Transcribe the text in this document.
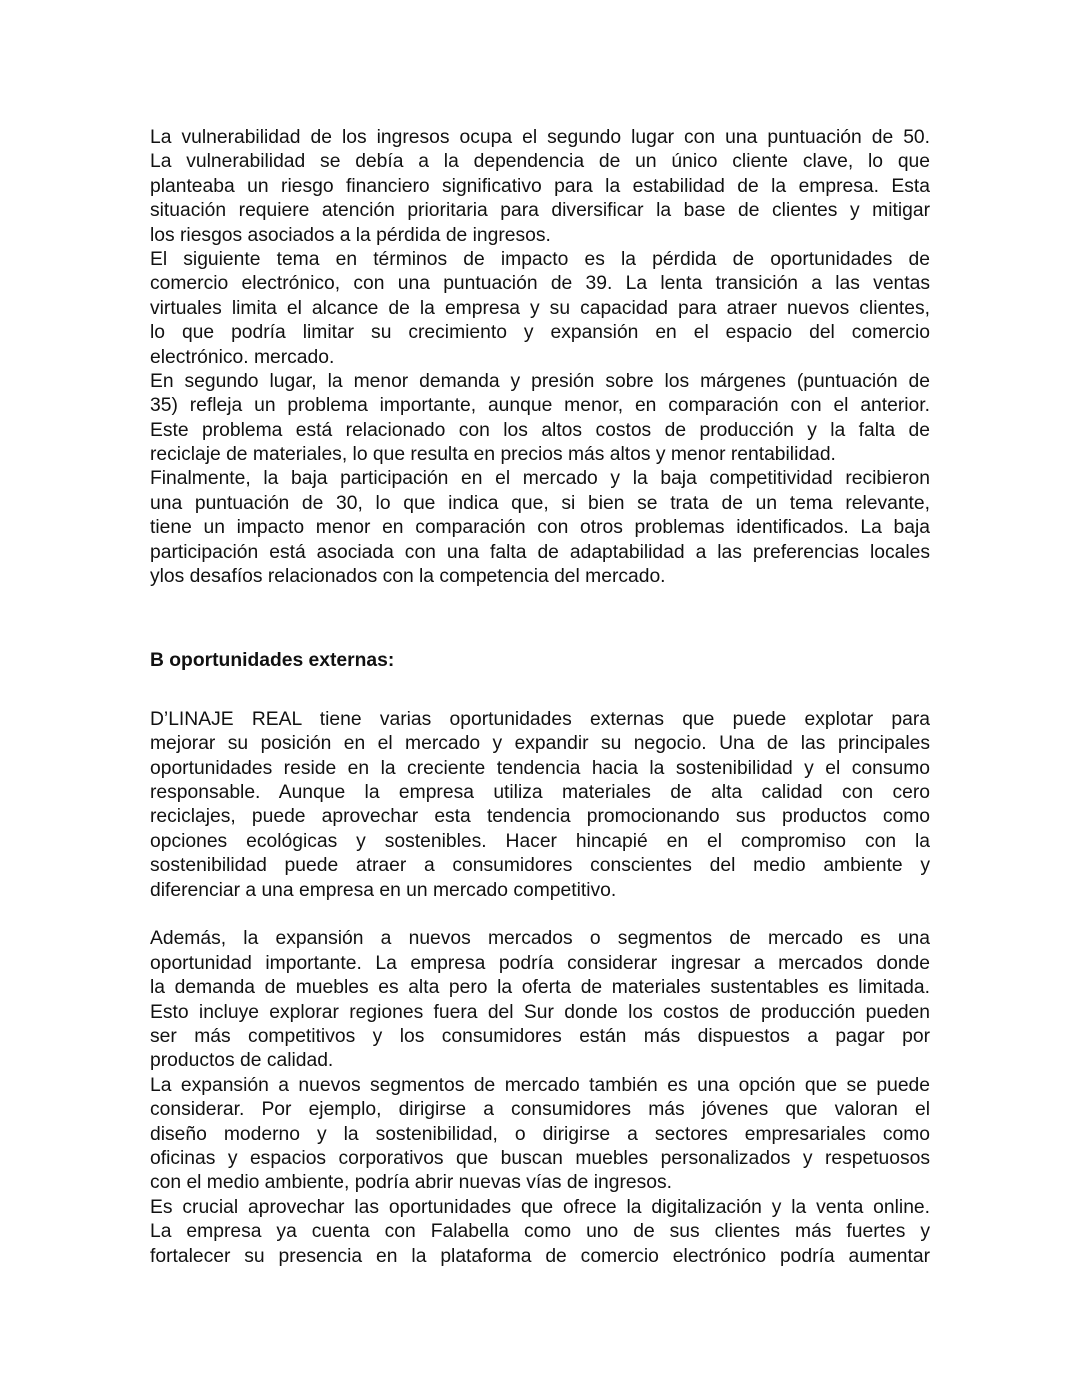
La vulnerabilidad de los ingresos ocupa el segundo lugar con una puntuación de 50.
La vulnerabilidad se debía a la dependencia de un único cliente clave, lo que
planteaba un riesgo financiero significativo para la estabilidad de la empresa. Esta
situación requiere atención prioritaria para diversificar la base de clientes y mitigar
los riesgos asociados a la pérdida de ingresos.
El siguiente tema en términos de impacto es la pérdida de oportunidades de
comercio electrónico, con una puntuación de 39. La lenta transición a las ventas
virtuales limita el alcance de la empresa y su capacidad para atraer nuevos clientes,
lo que podría limitar su crecimiento y expansión en el espacio del comercio
electrónico. mercado.
En segundo lugar, la menor demanda y presión sobre los márgenes (puntuación de
35) refleja un problema importante, aunque menor, en comparación con el anterior.
Este problema está relacionado con los altos costos de producción y la falta de
reciclaje de materiales, lo que resulta en precios más altos y menor rentabilidad.
Finalmente, la baja participación en el mercado y la baja competitividad recibieron
una puntuación de 30, lo que indica que, si bien se trata de un tema relevante,
tiene un impacto menor en comparación con otros problemas identificados. La baja
participación está asociada con una falta de adaptabilidad a las preferencias locales
ylos desafíos relacionados con la competencia del mercado.
B oportunidades externas:
D’LINAJE REAL tiene varias oportunidades externas que puede explotar para
mejorar su posición en el mercado y expandir su negocio. Una de las principales
oportunidades reside en la creciente tendencia hacia la sostenibilidad y el consumo
responsable. Aunque la empresa utiliza materiales de alta calidad con cero
reciclajes, puede aprovechar esta tendencia promocionando sus productos como
opciones ecológicas y sostenibles. Hacer hincapié en el compromiso con la
sostenibilidad puede atraer a consumidores conscientes del medio ambiente y
diferenciar a una empresa en un mercado competitivo.
Además, la expansión a nuevos mercados o segmentos de mercado es una
oportunidad importante. La empresa podría considerar ingresar a mercados donde
la demanda de muebles es alta pero la oferta de materiales sustentables es limitada.
Esto incluye explorar regiones fuera del Sur donde los costos de producción pueden
ser más competitivos y los consumidores están más dispuestos a pagar por
productos de calidad.
La expansión a nuevos segmentos de mercado también es una opción que se puede
considerar. Por ejemplo, dirigirse a consumidores más jóvenes que valoran el
diseño moderno y la sostenibilidad, o dirigirse a sectores empresariales como
oficinas y espacios corporativos que buscan muebles personalizados y respetuosos
con el medio ambiente, podría abrir nuevas vías de ingresos.
Es crucial aprovechar las oportunidades que ofrece la digitalización y la venta online.
La empresa ya cuenta con Falabella como uno de sus clientes más fuertes y
fortalecer su presencia en la plataforma de comercio electrónico podría aumentar
